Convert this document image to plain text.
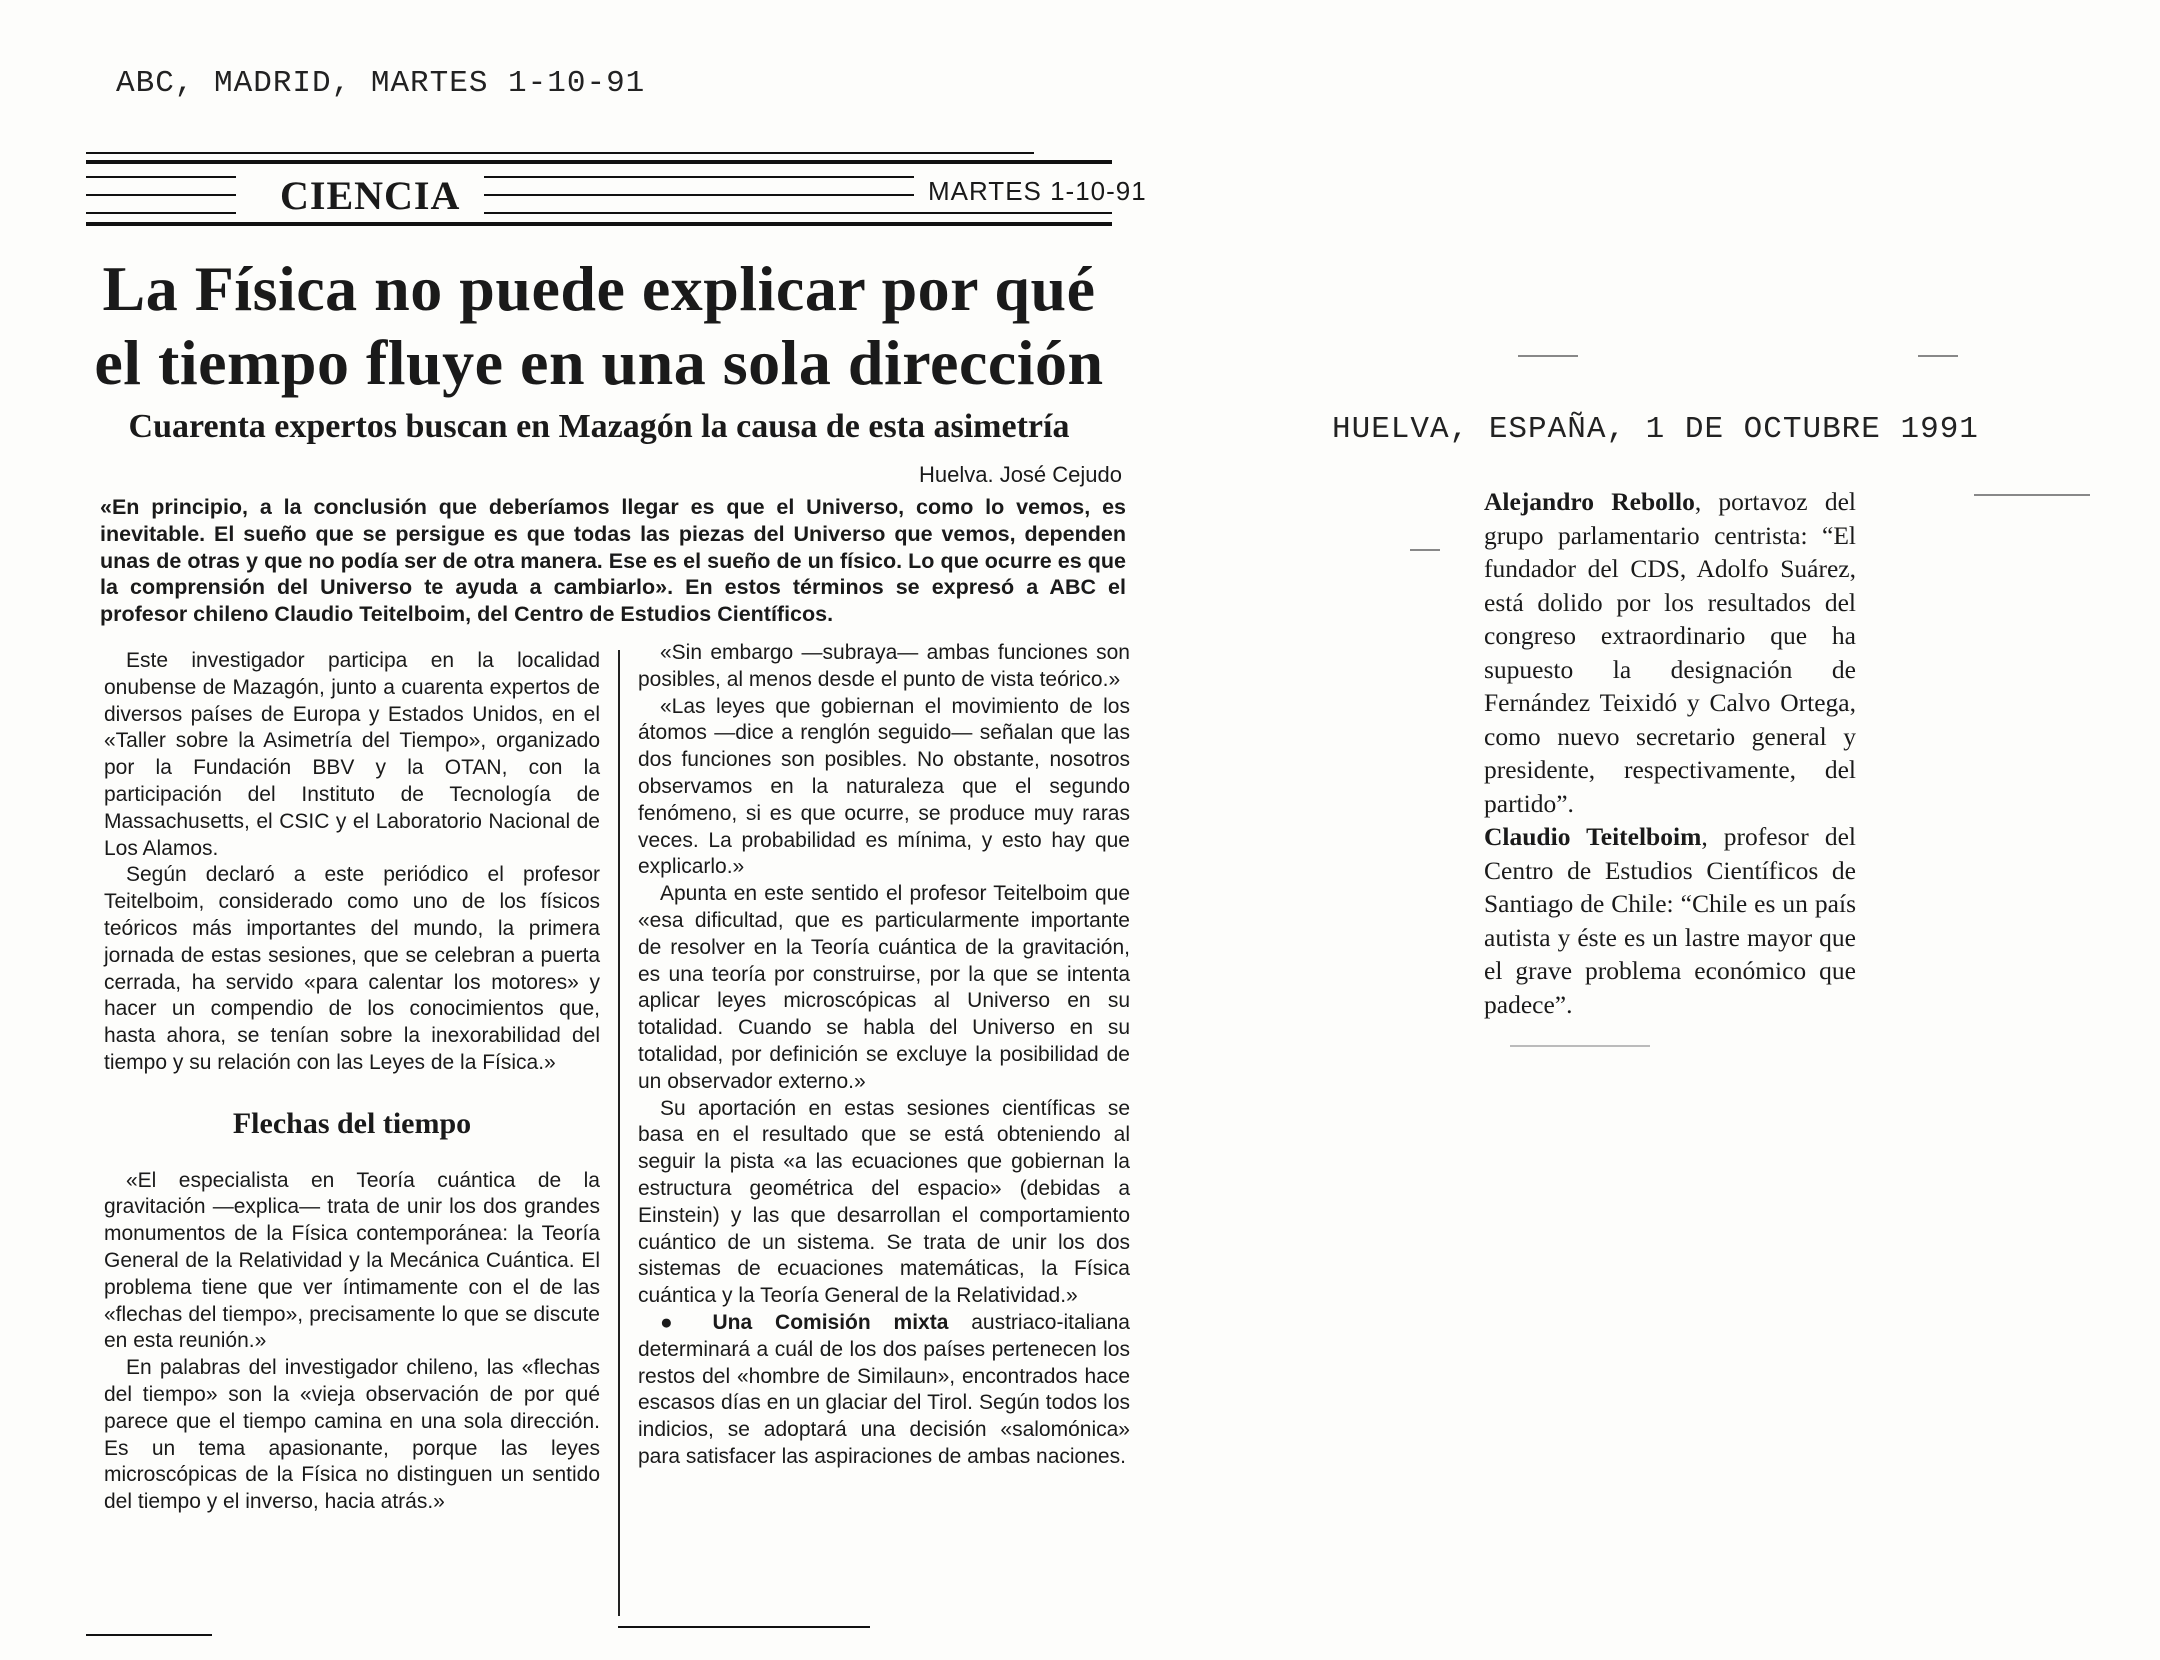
ABC, MADRID, MARTES 1-10-91
CIENCIA	MARTES 1-10-91
La Física no puede explicar por qué
el tiempo fluye en una sola dirección
Cuarenta expertos buscan en Mazagón la causa de esta asimetría
Huelva. José Cejudo
«En principio, a la conclusión que deberíamos llegar es que el Universo, como lo vemos, es inevitable. El sueño que se persigue es que todas las piezas del Universo que vemos, dependen unas de otras y que no podía ser de otra manera. Ese es el sueño de un físico. Lo que ocurre es que la comprensión del Universo te ayuda a cambiarlo». En estos términos se expresó a ABC el profesor chileno Claudio Teitelboim, del Centro de Estudios Científicos.

Este investigador participa en la localidad onubense de Mazagón, junto a cuarenta expertos de diversos países de Europa y Estados Unidos, en el «Taller sobre la Asimetría del Tiempo», organizado por la Fundación BBV y la OTAN, con la participación del Instituto de Tecnología de Massachusetts, el CSIC y el Laboratorio Nacional de Los Alamos.

Según declaró a este periódico el profesor Teitelboim, considerado como uno de los físicos teóricos más importantes del mundo, la primera jornada de estas sesiones, que se celebran a puerta cerrada, ha servido «para calentar los motores» y hacer un compendio de los conocimientos que, hasta ahora, se tenían sobre la inexorabilidad del tiempo y su relación con las Leyes de la Física.»

Flechas del tiempo

«El especialista en Teoría cuántica de la gravitación —explica— trata de unir los dos grandes monumentos de la Física contemporánea: la Teoría General de la Relatividad y la Mecánica Cuántica. El problema tiene que ver íntimamente con el de las «flechas del tiempo», precisamente lo que se discute en esta reunión.»

En palabras del investigador chileno, las «flechas del tiempo» son la «vieja observación de por qué parece que el tiempo camina en una sola dirección. Es un tema apasionante, porque las leyes microscópicas de la Física no distinguen un sentido del tiempo y el inverso, hacia atrás.»

«Sin embargo —subraya— ambas funciones son posibles, al menos desde el punto de vista teórico.»

«Las leyes que gobiernan el movimiento de los átomos —dice a renglón seguido— señalan que las dos funciones son posibles. No obstante, nosotros observamos en la naturaleza que el segundo fenómeno, si es que ocurre, se produce muy raras veces. La probabilidad es mínima, y esto hay que explicarlo.»

Apunta en este sentido el profesor Teitelboim que «esa dificultad, que es particularmente importante de resolver en la Teoría cuántica de la gravitación, es una teoría por construirse, por la que se intenta aplicar leyes microscópicas al Universo en su totalidad. Cuando se habla del Universo en su totalidad, por definición se excluye la posibilidad de un observador externo.»

Su aportación en estas sesiones científicas se basa en el resultado que se está obteniendo al seguir la pista «a las ecuaciones que gobiernan la estructura geométrica del espacio» (debidas a Einstein) y las que desarrollan el comportamiento cuántico de un sistema. Se trata de unir los dos sistemas de ecuaciones matemáticas, la Física cuántica y la Teoría General de la Relatividad.»

● Una Comisión mixta austriaco-italiana determinará a cuál de los dos países pertenecen los restos del «hombre de Similaun», encontrados hace escasos días en un glaciar del Tirol. Según todos los indicios, se adoptará una decisión «salomónica» para satisfacer las aspiraciones de ambas naciones.

HUELVA, ESPAÑA, 1 DE OCTUBRE 1991

Alejandro Rebollo, portavoz del grupo parlamentario centrista: “El fundador del CDS, Adolfo Suárez, está dolido por los resultados del congreso extraordinario que ha supuesto la designación de Fernández Teixidó y Calvo Ortega, como nuevo secretario general y presidente, respectivamente, del partido”.

Claudio Teitelboim, profesor del Centro de Estudios Científicos de Santiago de Chile: “Chile es un país autista y éste es un lastre mayor que el grave problema económico que padece”.
